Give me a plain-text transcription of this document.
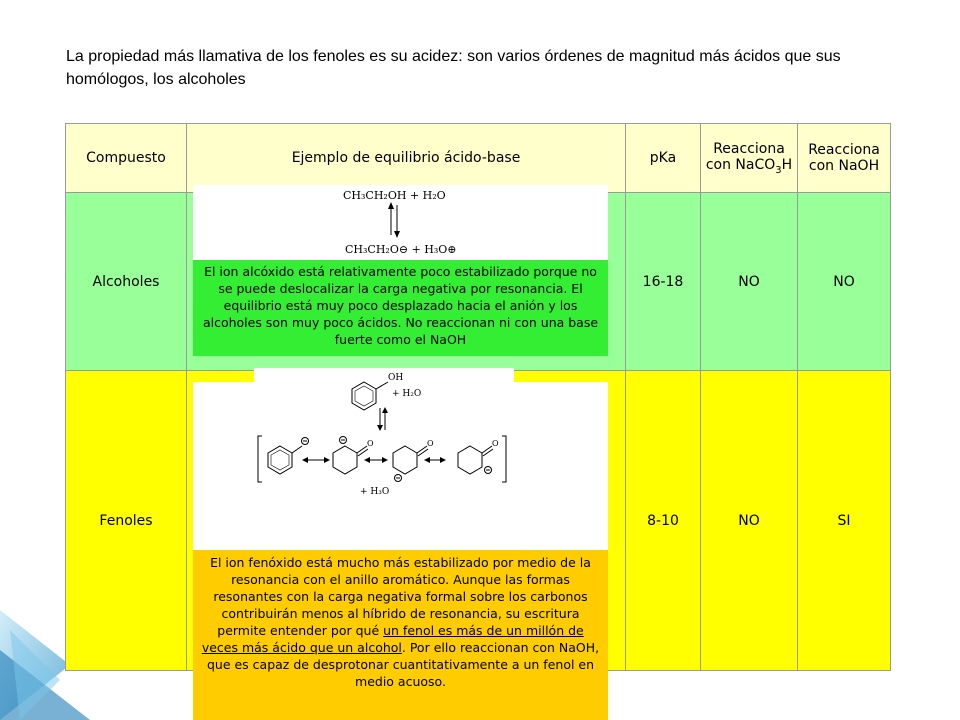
La propiedad más llamativa de los fenoles es su acidez: son varios órdenes de magnitud más ácidos que sus homólogos, los alcoholes
Compuesto	Ejemplo de equilibrio ácido-base	pKa	Reacciona con NaCO$_3$H	Reacciona con NaOH
Alcoholes		16-18	NO	NO
Fenoles		8-10	NO	SI
CH₃CH₂OH + H₂O
CH₃CH₂O⊖ + H₃O⊕
El ion alcóxido está relativamente poco estabilizado porque no se puede deslocalizar la carga negativa por resonancia. El equilibrio está muy poco desplazado hacia el anión y los alcoholes son muy poco ácidos. No reaccionan ni con una base fuerte como el NaOH
OH
+ H₂O
O	O	O
+ H₃O
El ion fenóxido está mucho más estabilizado por medio de la resonancia con el anillo aromático. Aunque las formas resonantes con la carga negativa formal sobre los carbonos contribuirán menos al híbrido de resonancia, su escritura permite entender por qué un fenol es más de un millón de veces más ácido que un alcohol. Por ello reaccionan con NaOH, que es capaz de desprotonar cuantitativamente a un fenol en medio acuoso.
